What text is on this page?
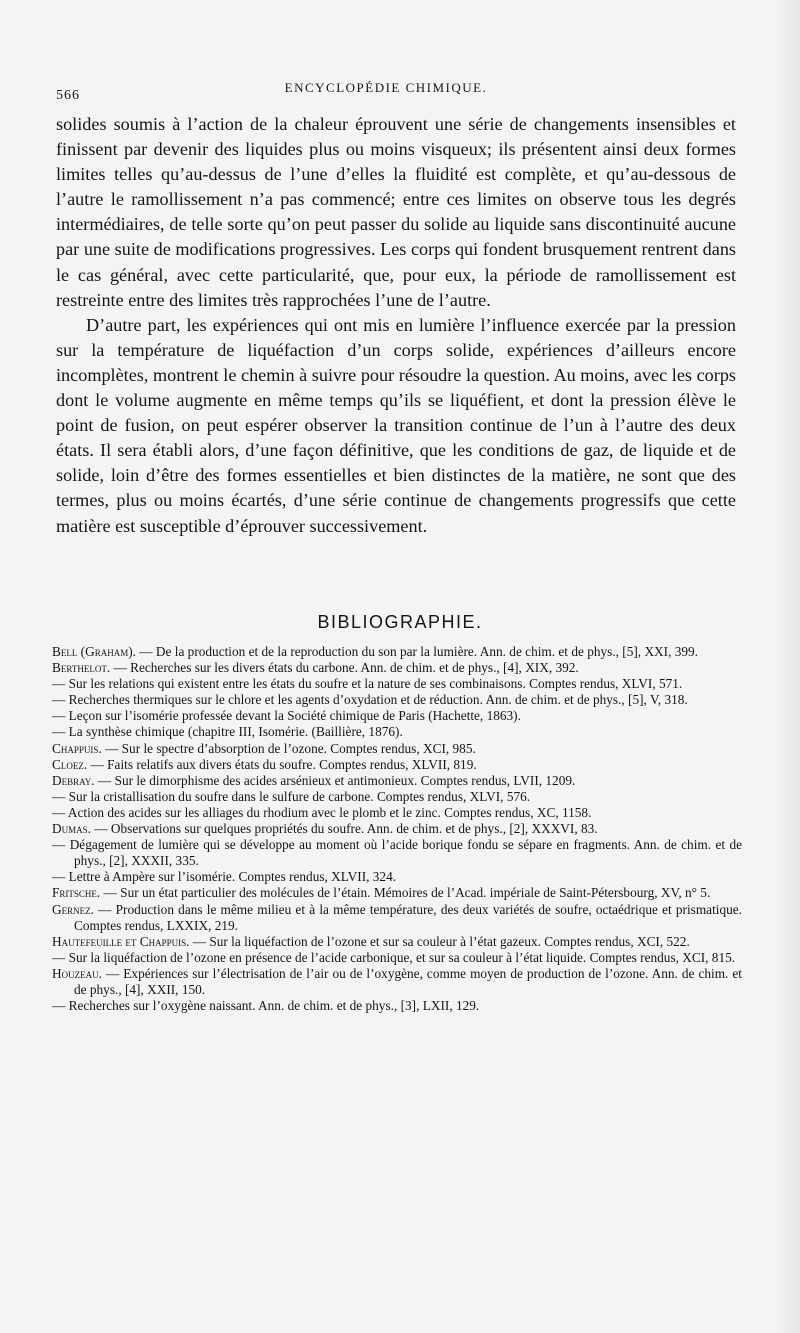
566
ENCYCLOPÉDIE CHIMIQUE.

solides soumis à l’action de la chaleur éprouvent une série de changements insensibles et finissent par devenir des liquides plus ou moins visqueux; ils présentent ainsi deux formes limites telles qu’au-dessus de l’une d’elles la fluidité est complète, et qu’au-dessous de l’autre le ramollissement n’a pas commencé; entre ces limites on observe tous les degrés intermédiaires, de telle sorte qu’on peut passer du solide au liquide sans discontinuité aucune par une suite de modifications progressives. Les corps qui fondent brusquement rentrent dans le cas général, avec cette particularité, que, pour eux, la période de ramollissement est restreinte entre des limites très rapprochées l’une de l’autre.

D’autre part, les expériences qui ont mis en lumière l’influence exercée par la pression sur la température de liquéfaction d’un corps solide, expériences d’ailleurs encore incomplètes, montrent le chemin à suivre pour résoudre la question. Au moins, avec les corps dont le volume augmente en même temps qu’ils se liquéfient, et dont la pression élève le point de fusion, on peut espérer observer la transition continue de l’un à l’autre des deux états. Il sera établi alors, d’une façon définitive, que les conditions de gaz, de liquide et de solide, loin d’être des formes essentielles et bien distinctes de la matière, ne sont que des termes, plus ou moins écartés, d’une série continue de changements progressifs que cette matière est susceptible d’éprouver successivement.

BIBLIOGRAPHIE.

Bell (Graham). — De la production et de la reproduction du son par la lumière. Ann. de chim. et de phys., [5], XXI, 399.

Berthelot. — Recherches sur les divers états du carbone. Ann. de chim. et de phys., [4], XIX, 392.

— Sur les relations qui existent entre les états du soufre et la nature de ses combinaisons. Comptes rendus, XLVI, 571.

— Recherches thermiques sur le chlore et les agents d’oxydation et de réduction. Ann. de chim. et de phys., [5], V, 318.

— Leçon sur l’isomérie professée devant la Société chimique de Paris (Hachette, 1863).

— La synthèse chimique (chapitre III, Isomérie. (Baillière, 1876).

Chappuis. — Sur le spectre d’absorption de l’ozone. Comptes rendus, XCI, 985.

Cloez. — Faits relatifs aux divers états du soufre. Comptes rendus, XLVII, 819.

Debray. — Sur le dimorphisme des acides arsénieux et antimonieux. Comptes rendus, LVII, 1209.

— Sur la cristallisation du soufre dans le sulfure de carbone. Comptes rendus, XLVI, 576.

— Action des acides sur les alliages du rhodium avec le plomb et le zinc. Comptes rendus, XC, 1158.

Dumas. — Observations sur quelques propriétés du soufre. Ann. de chim. et de phys., [2], XXXVI, 83.

— Dégagement de lumière qui se développe au moment où l’acide borique fondu se sépare en fragments. Ann. de chim. et de phys., [2], XXXII, 335.

— Lettre à Ampère sur l’isomérie. Comptes rendus, XLVII, 324.

Fritsche. — Sur un état particulier des molécules de l’étain. Mémoires de l’Acad. impériale de Saint-Pétersbourg, XV, n° 5.

Gernez. — Production dans le même milieu et à la même température, des deux variétés de soufre, octaédrique et prismatique. Comptes rendus, LXXIX, 219.

Hautefeuille et Chappuis. — Sur la liquéfaction de l’ozone et sur sa couleur à l’état gazeux. Comptes rendus, XCI, 522.

— Sur la liquéfaction de l’ozone en présence de l’acide carbonique, et sur sa couleur à l’état liquide. Comptes rendus, XCI, 815.

Houzeau. — Expériences sur l’électrisation de l’air ou de l’oxygène, comme moyen de production de l’ozone. Ann. de chim. et de phys., [4], XXII, 150.

— Recherches sur l’oxygène naissant. Ann. de chim. et de phys., [3], LXII, 129.
